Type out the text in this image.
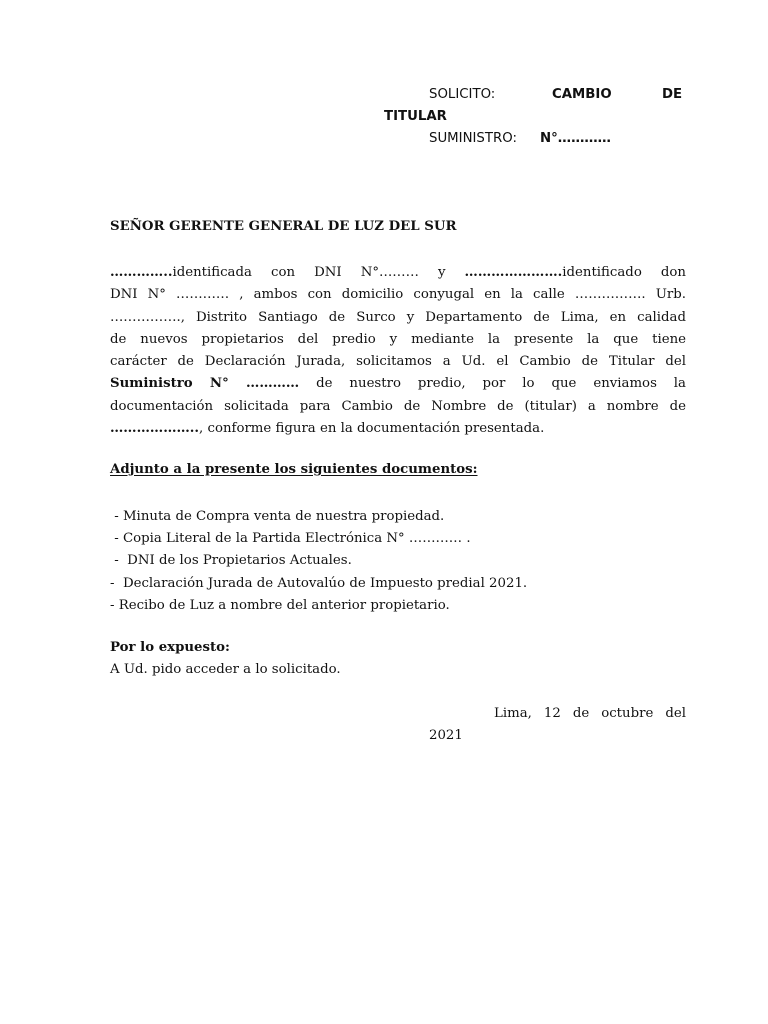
SOLICITO:	CAMBIO	DE
TITULAR
SUMINISTRO: N°…………
SEÑOR GERENTE GENERAL DE LUZ DEL SUR
…………..identificada con DNI N°……… y ………………….identificado don
DNI N° ………… , ambos con domicilio conyugal en la calle ……………. Urb.
……………., Distrito Santiago de Surco y Departamento de Lima, en calidad
de nuevos propietarios del predio y mediante la presente la que tiene
carácter de Declaración Jurada, solicitamos a Ud. el Cambio de Titular del
Suministro N° ………… de nuestro predio, por lo que enviamos la
documentación solicitada para Cambio de Nombre de (titular) a nombre de
……………….., conforme figura en la documentación presentada.
Adjunto a la presente los siguientes documentos:
- Minuta de Compra venta de nuestra propiedad.
- Copia Literal de la Partida Electrónica N° ………… .
-  DNI de los Propietarios Actuales.
-  Declaración Jurada de Autovalúo de Impuesto predial 2021.
- Recibo de Luz a nombre del anterior propietario.
Por lo expuesto:
A Ud. pido acceder a lo solicitado.
Lima, 12 de octubre del
2021
